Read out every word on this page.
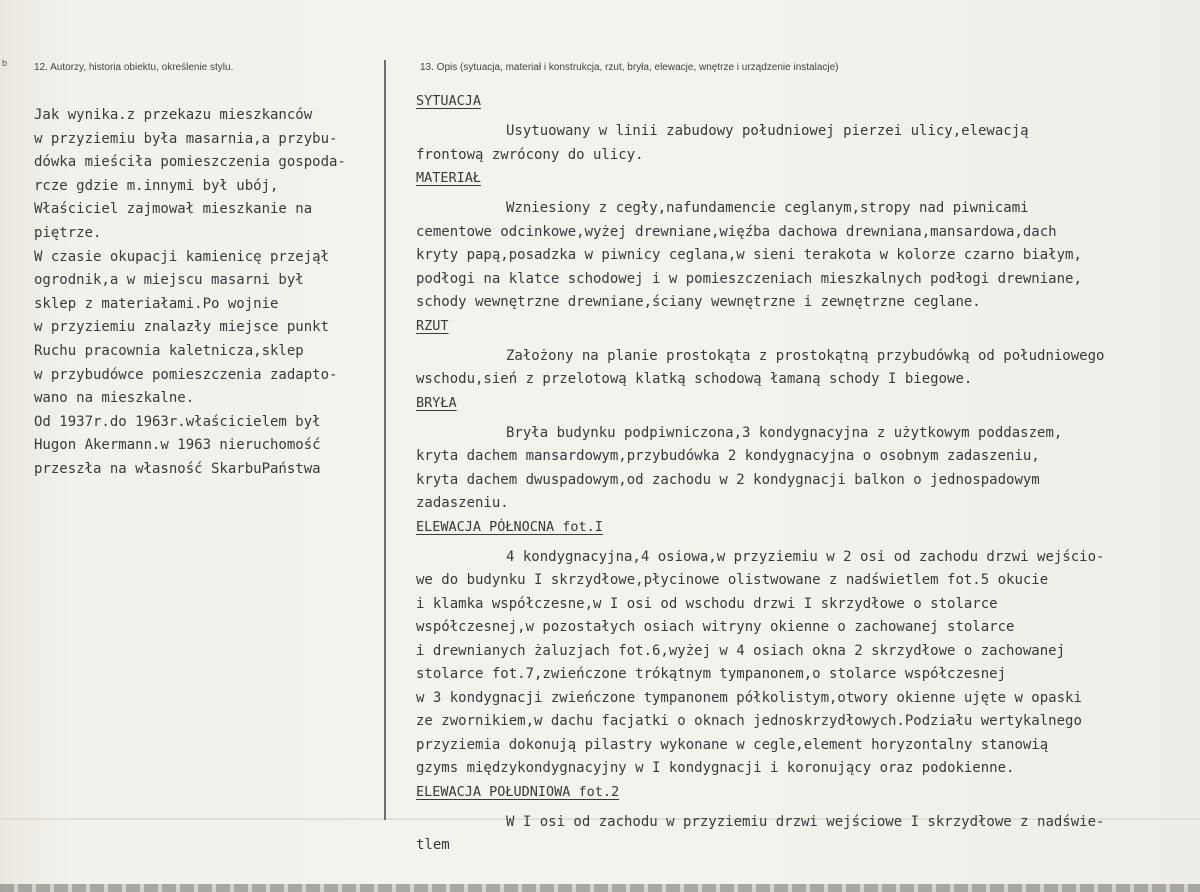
b	12. Autorzy, historia obiektu, określenie stylu.	13. Opis (sytuacja, materiał i konstrukcja, rzut, bryła, elewacje, wnętrze i urządzenie instalacje)
Jak wynika.z przekazu mieszkanców
w przyziemiu była masarnia,a przybu-
dówka mieściła pomieszczenia gospoda-
rcze gdzie m.innymi był ubój,
Właściciel zajmował mieszkanie na
piętrze.
W czasie okupacji kamienicę przejął
ogrodnik,a w miejscu masarni był
sklep z materiałami.Po wojnie
w przyziemiu znalazły miejsce punkt
Ruchu pracownia kaletnicza,sklep
w przybudówce pomieszczenia zadapto-
wano na mieszkalne.
Od 1937r.do 1963r.właścicielem był
Hugon Akermann.w 1963 nieruchomość
przeszła na własność SkarbuPaństwa
SYTUACJA
Usytuowany w linii zabudowy południowej pierzei ulicy,elewacją
frontową zwrócony do ulicy.
MATERIAŁ
Wzniesiony z cegły,nafundamencie ceglanym,stropy nad piwnicami
cementowe odcinkowe,wyżej drewniane,więźba dachowa drewniana,mansardowa,dach
kryty papą,posadzka w piwnicy ceglana,w sieni terakota w kolorze czarno białym,
podłogi na klatce schodowej i w pomieszczeniach mieszkalnych podłogi drewniane,
schody wewnętrzne drewniane,ściany wewnętrzne i zewnętrzne ceglane.
RZUT
Założony na planie prostokąta z prostokątną przybudówką od południowego
wschodu,sień z przelotową klatką schodową łamaną schody I biegowe.
BRYŁA
Bryła budynku podpiwniczona,3 kondygnacyjna z użytkowym poddaszem,
kryta dachem mansardowym,przybudówka 2 kondygnacyjna o osobnym zadaszeniu,
kryta dachem dwuspadowym,od zachodu w 2 kondygnacji balkon o jednospadowym
zadaszeniu.
ELEWACJA PÓŁNOCNA fot.I
4 kondygnacyjna,4 osiowa,w przyziemiu w 2 osi od zachodu drzwi wejścio-
we do budynku I skrzydłowe,płycinowe olistwowane z nadświetlem fot.5 okucie
i klamka współczesne,w I osi od wschodu drzwi I skrzydłowe o stolarce
współczesnej,w pozostałych osiach witryny okienne o zachowanej stolarce
i drewnianych żaluzjach fot.6,wyżej w 4 osiach okna 2 skrzydłowe o zachowanej
stolarce fot.7,zwieńczone trókątnym tympanonem,o stolarce współczesnej
w 3 kondygnacji zwieńczone tympanonem półkolistym,otwory okienne ujęte w opaski
ze zwornikiem,w dachu facjatki o oknach jednoskrzydłowych.Podziału wertykalnego
przyziemia dokonują pilastry wykonane w cegle,element horyzontalny stanowią
gzyms międzykondygnacyjny w I kondygnacji i koronujący oraz podokienne.
ELEWACJA POŁUDNIOWA fot.2
W I osi od zachodu w przyziemiu drzwi wejściowe I skrzydłowe z nadświe-
tlem
